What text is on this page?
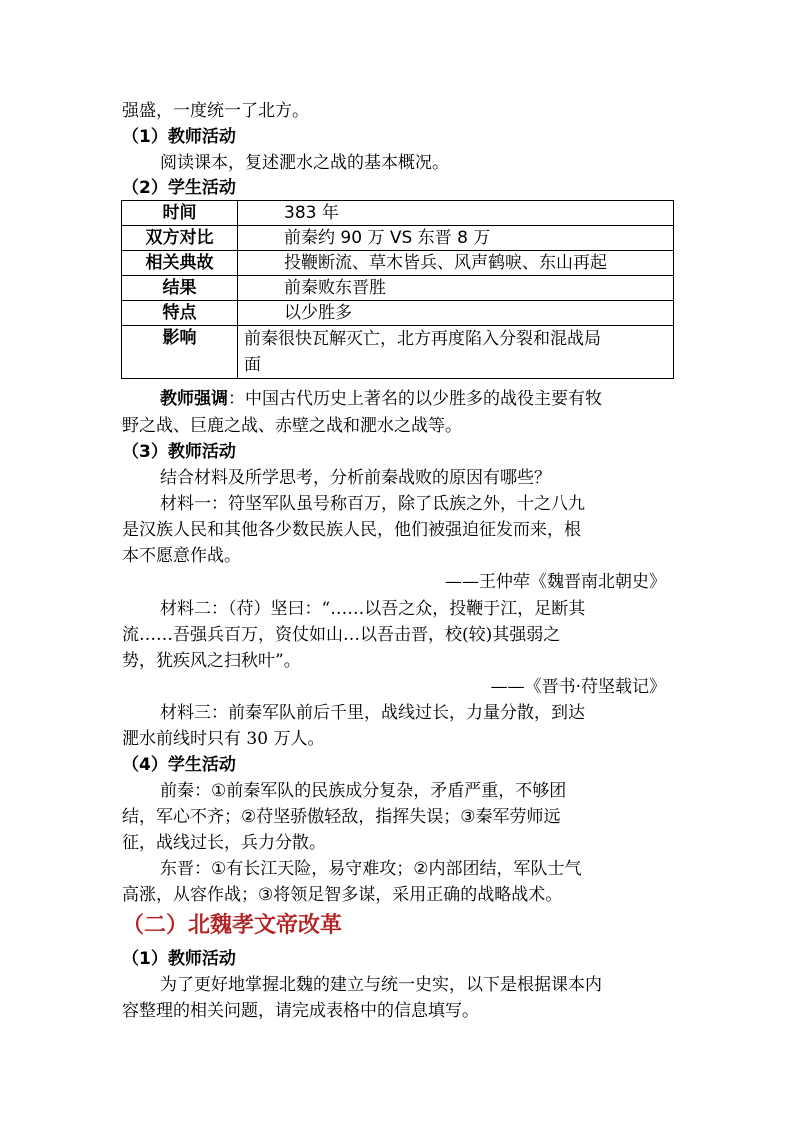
强盛，一度统一了北方。
（1）教师活动
阅读课本，复述淝水之战的基本概况。
（2）学生活动
时间	383 年
双方对比	前秦约 90 万 VS 东晋 8 万
相关典故	投鞭断流、草木皆兵、风声鹤唳、东山再起
结果	前秦败东晋胜
特点	以少胜多
影响	前秦很快瓦解灭亡，北方再度陷入分裂和混战局
面
教师强调：中国古代历史上著名的以少胜多的战役主要有牧
野之战、巨鹿之战、赤壁之战和淝水之战等。
（3）教师活动
结合材料及所学思考，分析前秦战败的原因有哪些？
材料一：符坚军队虽号称百万，除了氐族之外，十之八九
是汉族人民和其他各少数民族人民，他们被强迫征发而来，根
本不愿意作战。
——王仲荦《魏晋南北朝史》
材料二：（苻）坚曰：“……以吾之众，投鞭于江，足断其
流……吾强兵百万，资仗如山…以吾击晋，校(较)其强弱之
势，犹疾风之扫秋叶”。
——《晋书·苻坚载记》
材料三：前秦军队前后千里，战线过长，力量分散，到达
淝水前线时只有 30 万人。
（4）学生活动
前秦：①前秦军队的民族成分复杂，矛盾严重，不够团
结，军心不齐；②苻坚骄傲轻敌，指挥失误；③秦军劳师远
征，战线过长，兵力分散。
东晋：①有长江天险，易守难攻；②内部团结，军队士气
高涨，从容作战；③将领足智多谋，采用正确的战略战术。
（二）北魏孝文帝改革
（1）教师活动
为了更好地掌握北魏的建立与统一史实，以下是根据课本内
容整理的相关问题，请完成表格中的信息填写。
